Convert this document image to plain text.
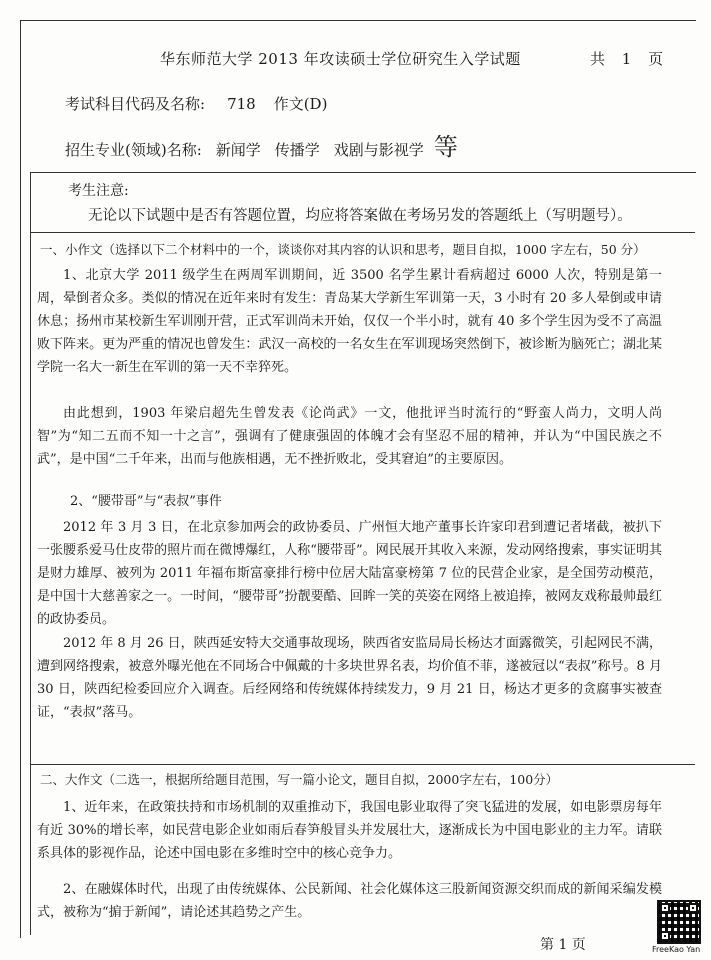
华东师范大学 2013 年攻读硕士学位研究生入学试题	共 1 页
考试科目代码及名称: 718 作文(D)
招生专业(领域)名称: 新闻学 传播学 戏剧与影视学 等
考生注意:
无论以下试题中是否有答题位置，均应将答案做在考场另发的答题纸上（写明题号）。
一、小作文（选择以下二个材料中的一个，谈谈你对其内容的认识和思考，题目自拟，1000 字左右，50 分）
1、北京大学 2011 级学生在两周军训期间，近 3500 名学生累计看病超过 6000 人次，特别是第一周，晕倒者众多。类似的情况在近年来时有发生：青岛某大学新生军训第一天，3 小时有 20 多人晕倒或申请休息；扬州市某校新生军训刚开营，正式军训尚未开始，仅仅一个半小时，就有 40 多个学生因为受不了高温败下阵来。更为严重的情况也曾发生：武汉一高校的一名女生在军训现场突然倒下，被诊断为脑死亡；湖北某学院一名大一新生在军训的第一天不幸猝死。
由此想到，1903 年梁启超先生曾发表《论尚武》一文，他批评当时流行的“野蛮人尚力，文明人尚智”为“知二五而不知一十之言”，强调有了健康强固的体魄才会有坚忍不屈的精神，并认为“中国民族之不武”，是中国“二千年来，出而与他族相遇，无不挫折败北，受其窘迫”的主要原因。
2、“腰带哥”与“表叔”事件
2012 年 3 月 3 日，在北京参加两会的政协委员、广州恒大地产董事长许家印君到遭记者堵截，被扒下一张腰系爱马仕皮带的照片而在微博爆红，人称“腰带哥”。网民展开其收入来源，发动网络搜索，事实证明其是财力雄厚、被列为 2011 年福布斯富豪排行榜中位居大陆富豪榜第 7 位的民营企业家，是全国劳动模范，是中国十大慈善家之一。一时间，“腰带哥”扮靓要酷、回眸一笑的英姿在网络上被追捧，被网友戏称最帅最红的政协委员。
2012 年 8 月 26 日，陕西延安特大交通事故现场，陕西省安监局局长杨达才面露微笑，引起网民不满，遭到网络搜索，被意外曝光他在不同场合中佩戴的十多块世界名表，均价值不菲，遂被冠以“表叔”称号。8 月 30 日，陕西纪检委回应介入调查。后经网络和传统媒体持续发力，9 月 21 日，杨达才更多的贪腐事实被查证，“表叔”落马。
二、大作文（二选一，根据所给题目范围，写一篇小论文，题目自拟，2000字左右，100分）
1、近年来，在政策扶持和市场机制的双重推动下，我国电影业取得了突飞猛进的发展，如电影票房每年有近 30%的增长率，如民营电影企业如雨后春笋般冒头并发展壮大，逐渐成长为中国电影业的主力军。请联系具体的影视作品，论述中国电影在多维时空中的核心竞争力。
2、在融媒体时代，出现了由传统媒体、公民新闻、社会化媒体这三股新闻资源交织而成的新闻采编发模式，被称为“掮于新闻”，请论述其趋势之产生。
第 1 页	FreeKao Yan
